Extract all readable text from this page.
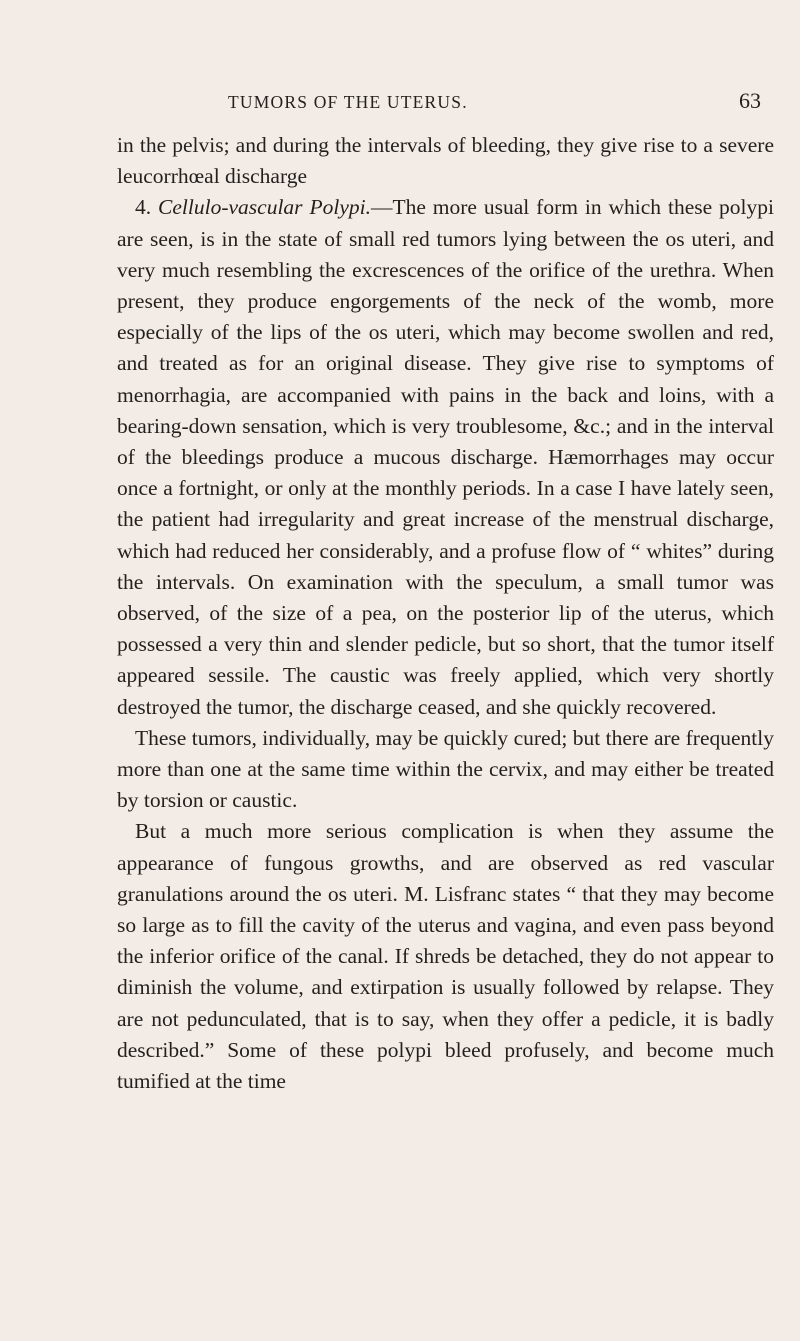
TUMORS OF THE UTERUS.	63

in the pelvis; and during the intervals of bleeding, they give rise to a severe leucorrhœal discharge

4. Cellulo-vascular Polypi.—The more usual form in which these polypi are seen, is in the state of small red tumors lying between the os uteri, and very much resembling the excrescences of the orifice of the urethra. When present, they produce engorgements of the neck of the womb, more especially of the lips of the os uteri, which may become swollen and red, and treated as for an original disease. They give rise to symptoms of menorrhagia, are accompanied with pains in the back and loins, with a bearing-down sensation, which is very troublesome, &c.; and in the interval of the bleedings produce a mucous discharge. Hæmorrhages may occur once a fortnight, or only at the monthly periods. In a case I have lately seen, the patient had irregularity and great increase of the menstrual discharge, which had reduced her considerably, and a profuse flow of “ whites” during the intervals. On examination with the speculum, a small tumor was observed, of the size of a pea, on the posterior lip of the uterus, which possessed a very thin and slender pedicle, but so short, that the tumor itself appeared sessile. The caustic was freely applied, which very shortly destroyed the tumor, the discharge ceased, and she quickly recovered.

These tumors, individually, may be quickly cured; but there are frequently more than one at the same time within the cervix, and may either be treated by torsion or caustic.

But a much more serious complication is when they assume the appearance of fungous growths, and are observed as red vascular granulations around the os uteri. M. Lisfranc states “ that they may become so large as to fill the cavity of the uterus and vagina, and even pass beyond the inferior orifice of the canal. If shreds be detached, they do not appear to diminish the volume, and extirpation is usually followed by relapse. They are not pedunculated, that is to say, when they offer a pedicle, it is badly described.” Some of these polypi bleed profusely, and become much tumified at the time
